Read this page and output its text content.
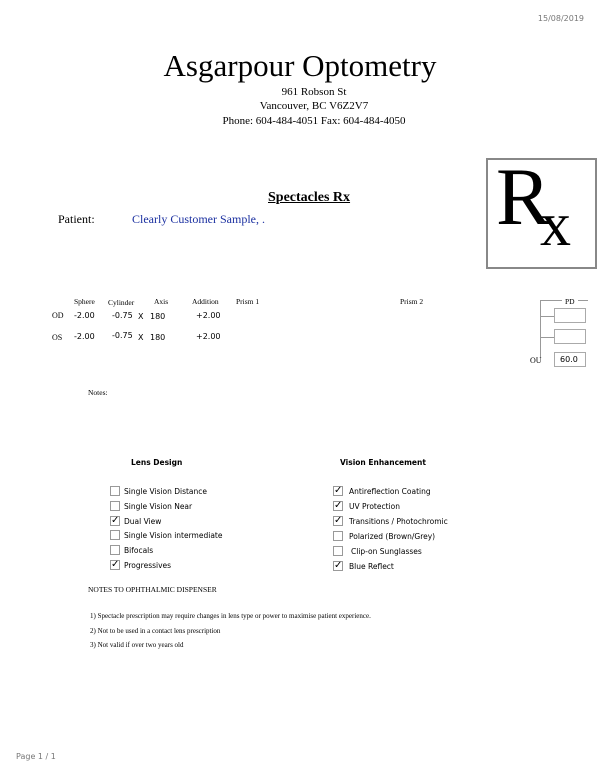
15/08/2019
Asgarpour Optometry
961 Robson St
Vancouver, BC V6Z2V7
Phone: 604-484-4051 Fax: 604-484-4050
R
x
Spectacles Rx
Patient:	Clearly Customer Sample, .
Sphere Cylinder	Axis	Addition Prism 1	Prism 2	PD
OD -2.00 -0.75 X 180	+2.00
OS -2.00 -0.75 X 180	+2.00
OU	60.0
Notes:
Lens Design
Single Vision Distance
Single Vision Near
✓ Dual View
Single Vision intermediate
Bifocals
✓ Progressives
Vision Enhancement
✓ Antireflection Coating
✓ UV Protection
✓ Transitions / Photochromic
Polarized (Brown/Grey)
Clip-on Sunglasses
✓ Blue Reflect
NOTES TO OPHTHALMIC DISPENSER
1) Spectacle prescription may require changes in lens type or power to maximise patient experience.
2) Not to be used in a contact lens prescription
3) Not valid if over two years old
Page 1 / 1
